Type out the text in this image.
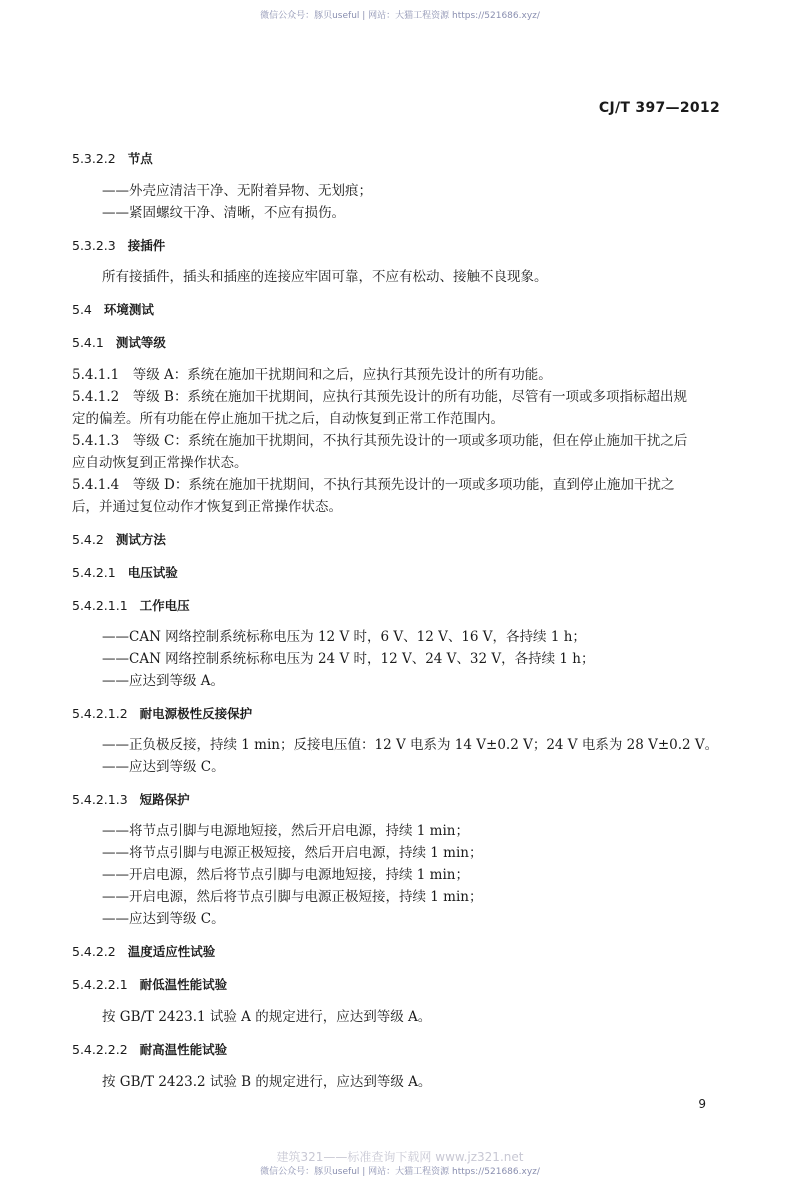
微信公众号：豚贝useful | 网站：大猫工程资源 https://521686.xyz/
CJ/T 397—2012
5.3.2.2 节点
——外壳应清洁干净、无附着异物、无划痕；
——紧固螺纹干净、清晰，不应有损伤。
5.3.2.3 接插件
所有接插件，插头和插座的连接应牢固可靠，不应有松动、接触不良现象。
5.4 环境测试
5.4.1 测试等级
5.4.1.1　等级 A：系统在施加干扰期间和之后，应执行其预先设计的所有功能。
5.4.1.2　等级 B：系统在施加干扰期间，应执行其预先设计的所有功能，尽管有一项或多项指标超出规
定的偏差。所有功能在停止施加干扰之后，自动恢复到正常工作范围内。
5.4.1.3　等级 C：系统在施加干扰期间，不执行其预先设计的一项或多项功能，但在停止施加干扰之后
应自动恢复到正常操作状态。
5.4.1.4　等级 D：系统在施加干扰期间，不执行其预先设计的一项或多项功能，直到停止施加干扰之
后，并通过复位动作才恢复到正常操作状态。
5.4.2 测试方法
5.4.2.1 电压试验
5.4.2.1.1 工作电压
——CAN 网络控制系统标称电压为 12 V 时，6 V、12 V、16 V，各持续 1 h；
——CAN 网络控制系统标称电压为 24 V 时，12 V、24 V、32 V，各持续 1 h；
——应达到等级 A。
5.4.2.1.2 耐电源极性反接保护
——正负极反接，持续 1 min；反接电压值：12 V 电系为 14 V±0.2 V；24 V 电系为 28 V±0.2 V。
——应达到等级 C。
5.4.2.1.3 短路保护
——将节点引脚与电源地短接，然后开启电源，持续 1 min；
——将节点引脚与电源正极短接，然后开启电源，持续 1 min；
——开启电源，然后将节点引脚与电源地短接，持续 1 min；
——开启电源，然后将节点引脚与电源正极短接，持续 1 min；
——应达到等级 C。
5.4.2.2 温度适应性试验
5.4.2.2.1 耐低温性能试验
按 GB/T 2423.1 试验 A 的规定进行，应达到等级 A。
5.4.2.2.2 耐高温性能试验
按 GB/T 2423.2 试验 B 的规定进行，应达到等级 A。
9
建筑321——标准查询下载网 www.jz321.net
微信公众号：豚贝useful | 网站：大猫工程资源 https://521686.xyz/
